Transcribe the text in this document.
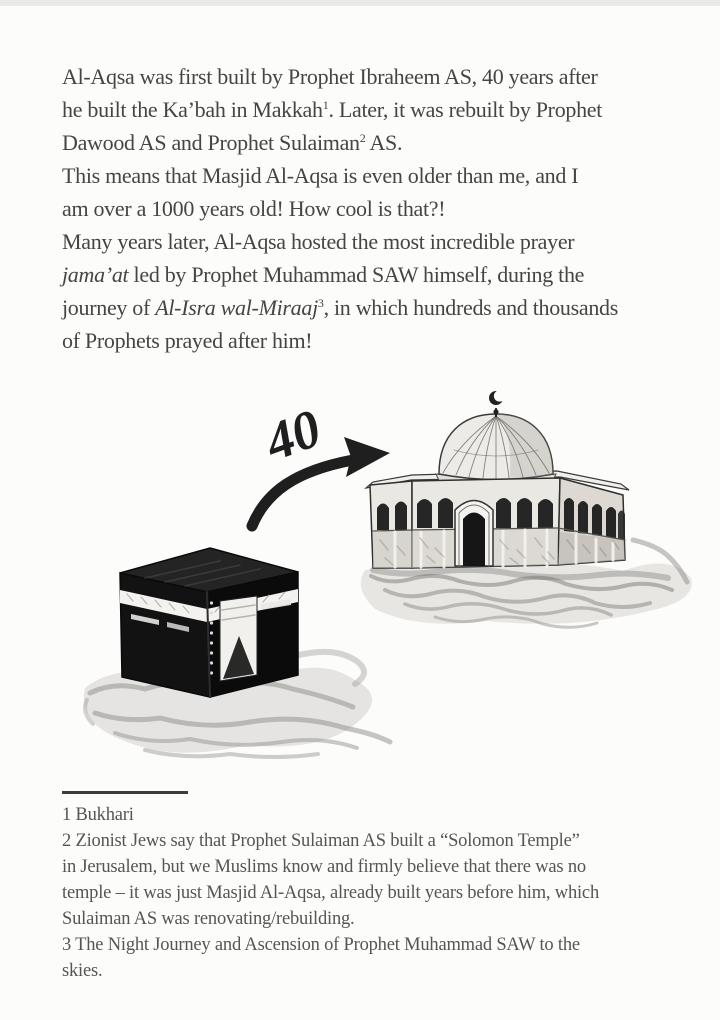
Al-Aqsa was first built by Prophet Ibraheem AS, 40 years after
he built the Ka’bah in Makkah$^1$. Later, it was rebuilt by Prophet
Dawood AS and Prophet Sulaiman$^2$ AS.
This means that Masjid Al-Aqsa is even older than me, and I
am over a 1000 years old! How cool is that?!
Many years later, Al-Aqsa hosted the most incredible prayer
jama’at led by Prophet Muhammad SAW himself, during the
journey of Al-Isra wal-Miraaj$^3$, in which hundreds and thousands
of Prophets prayed after him!
40
1 Bukhari
2 Zionist Jews say that Prophet Sulaiman AS built a “Solomon Temple”
in Jerusalem, but we Muslims know and firmly believe that there was no
temple – it was just Masjid Al-Aqsa, already built years before him, which
Sulaiman AS was renovating/rebuilding.
3 The Night Journey and Ascension of Prophet Muhammad SAW to the
skies.
